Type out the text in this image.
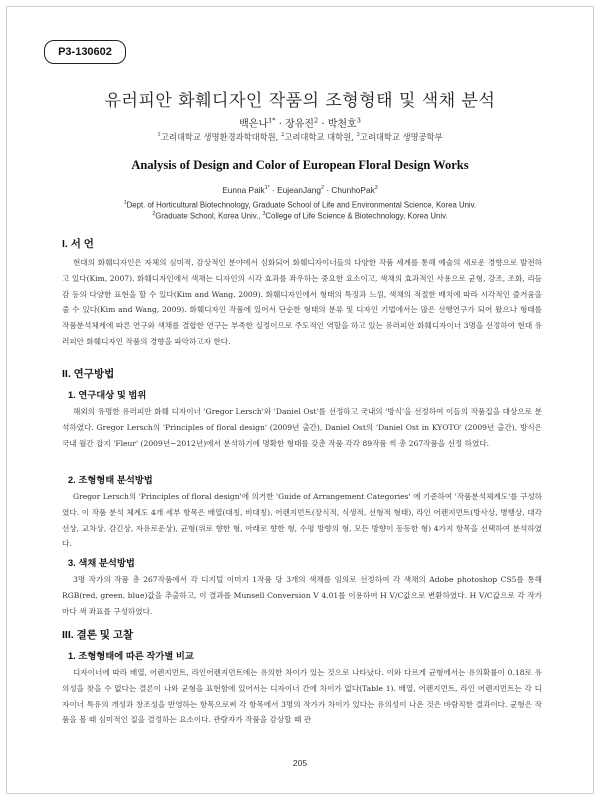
P3-130602
유러피안 화훼디자인 작품의 조형형태 및 색채 분석
백은나$^{1*}$ · 장유진$^2$ · 박천호$^3$
$^1$고려대학교 생명환경과학대학원, $^2$고려대학교 대학원, $^3$고려대학교 생명공학부
Analysis of Design and Color of European Floral Design Works
Eunna Paik$^{1*}$ · EujeanJang$^2$ · ChunhoPak$^3$
$^1$Dept. of Horticultural Biotechnology, Graduate School of Life and Environmental Science, Korea Univ.
$^2$Graduate School, Korea Univ., $^3$College of Life Science & Biotechnology, Korea Univ.
I. 서 언

현대의 화훼디자인은 자체의 심미적, 감상적인 분야에서 심화되어 화훼디자이너들의 다양한 작품 세계를 통해 예술의 새로운 경향으로 발전하고 있다(Kim, 2007). 화훼디자인에서 색채는 디자인의 시각 효과를 좌우하는 중요한 요소이고, 색채의 효과적인 사용으로 균형, 강조, 조화, 리듬감 등의 다양한 표현을 할 수 있다(Kim and Wang, 2009). 화훼디자인에서 형태의 특징과 느낌, 색채의 적절한 배치에 따라 시각적인 즐거움을 줄 수 있다(Kim and Wang, 2009). 화훼디자인 작품에 있어서 단순한 형태의 분류 및 디자인 기법에서는 많은 선행연구가 되어 왔으나 형태를 작품분석체계에 따른 연구와 색채를 결합한 연구는 부족한 실정이므로 주도적인 역할을 하고 있는 유러피안 화훼디자이너 3명을 선정하여 현대 유러피안 화훼디자인 작품의 경향을 파악하고자 한다.

II. 연구방법
1. 연구대상 및 범위

해외의 유명한 유러피안 화훼 디자이너 'Gregor Lersch'와 'Daniel Ost'를 선정하고 국내의 '방식'을 선정하여 이들의 작품집을 대상으로 분석하였다. Gregor Lersch의 'Principles of floral design' (2009년 출간), Daniel Ost의 'Daniel Ost in KYOTO' (2009년 출간), 방식은 국내 월간 잡지 'Fleur' (2009년~2012년)에서 분석하기에 명확한 형태를 갖춘 작품 각각 89작품 씩 총 267작품을 선정 하였다.

2. 조형형태 분석방법

Gregor Lersch의 'Principles of floral design'에 의거한 'Guide of Arrangement Categories' 에 기준하여 '작품분석체계도'를 구성하였다. 이 작품 분석 체계도 4개 세부 항목은 배열(대칭, 비대칭), 어렌지먼트(장식적, 식생적, 선형적 형태), 라인 어렌지먼트(방사상, 병행상, 대각선상, 교차상, 감긴상, 자유로운상), 균형(위로 향한 형, 아래로 향한 형, 수평 방향의 형, 모든 방향이 동등한 형) 4가지 항목을 선택하여 분석하였다.

3. 색채 분석방법

3명 작가의 작품 총 267작품에서 각 디지털 이미지 1작품 당 3개의 색채를 임의로 선정하여 각 색채의 Adobe photoshop CS5를 통해 RGB(red, green, blue)값을 추출하고, 이 결과를 Munsell Conversion V 4.01를 이용하여 H V/C값으로 변환하였다. H V/C값으로 각 작가마다 색 좌표를 구성하였다.

III. 결론 및 고찰
1. 조형형태에 따른 작가별 비교

디자이너에 따라 배열, 어렌지먼트, 라인어렌지먼트에는 유의한 차이가 있는 것으로 나타났다. 이와 다르게 균형에서는 유의확률이 0.18로 유의성을 찾을 수 없다는 결론이 나와 균형을 표현함에 있어서는 디자이너 간에 차이가 없다(Table 1). 배열, 어렌지먼트, 라인 어렌지먼트는 각 디자이너 특유의 개성과 창조성을 반영하는 항목으로써 각 항목에서 3명의 작가가 차이가 있다는 유의성이 나온 것은 바람직한 결과이다. 균형은 작품을 볼 때 심미적인 질을 결정하는 요소이다. 관람자가 작품을 감상할 때 관

205
